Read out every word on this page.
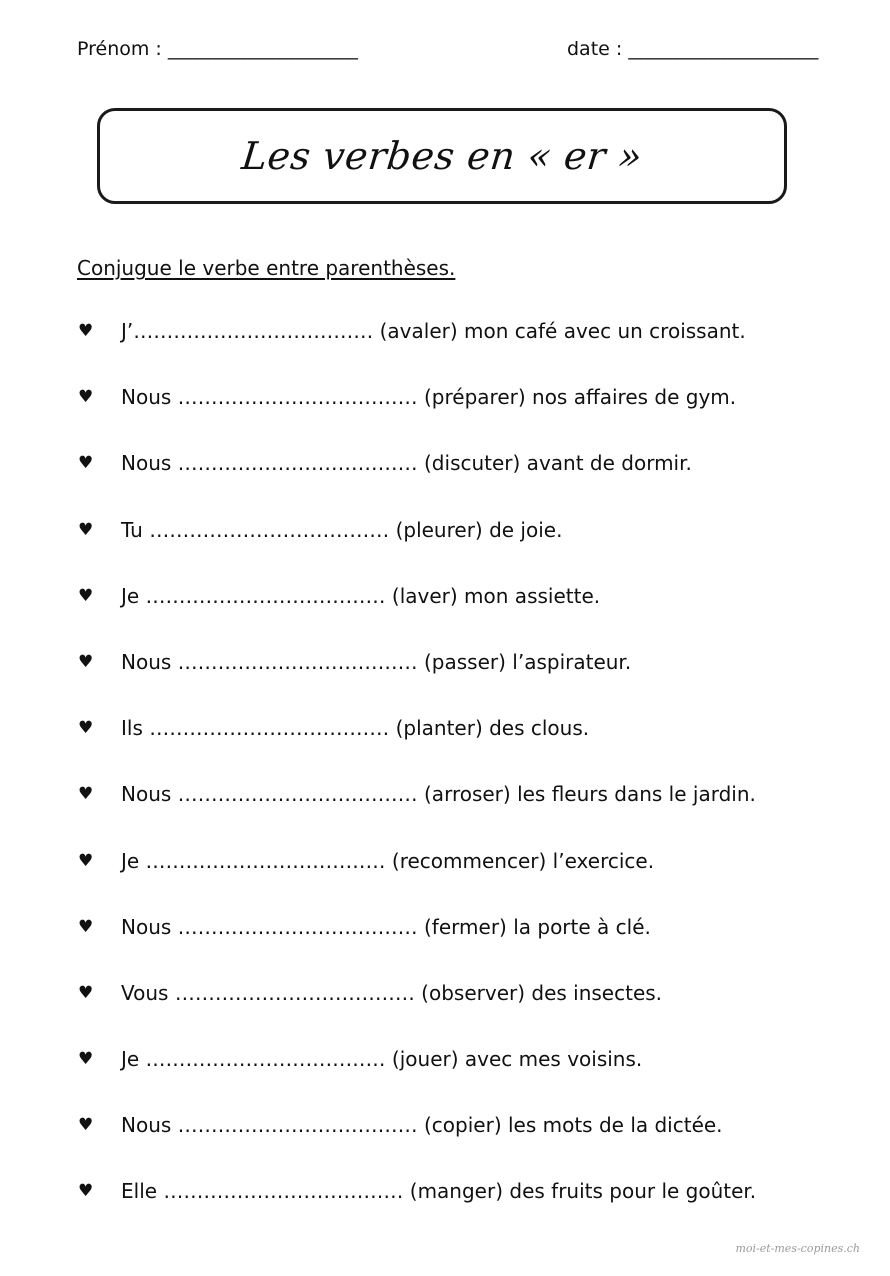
Prénom : ____________________	date : ____________________
Les verbes en « er »
Conjugue le verbe entre parenthèses.
♥ J’……………………………… (avaler) mon café avec un croissant.
♥ Nous ……………………………… (préparer) nos affaires de gym.
♥ Nous ……………………………… (discuter) avant de dormir.
♥ Tu ……………………………… (pleurer) de joie.
♥ Je ……………………………… (laver) mon assiette.
♥ Nous ……………………………… (passer) l’aspirateur.
♥ Ils ……………………………… (planter) des clous.
♥ Nous ……………………………… (arroser) les fleurs dans le jardin.
♥ Je ……………………………… (recommencer) l’exercice.
♥ Nous ……………………………… (fermer) la porte à clé.
♥ Vous ……………………………… (observer) des insectes.
♥ Je ……………………………… (jouer) avec mes voisins.
♥ Nous ……………………………… (copier) les mots de la dictée.
♥ Elle ……………………………… (manger) des fruits pour le goûter.
moi-et-mes-copines.ch
